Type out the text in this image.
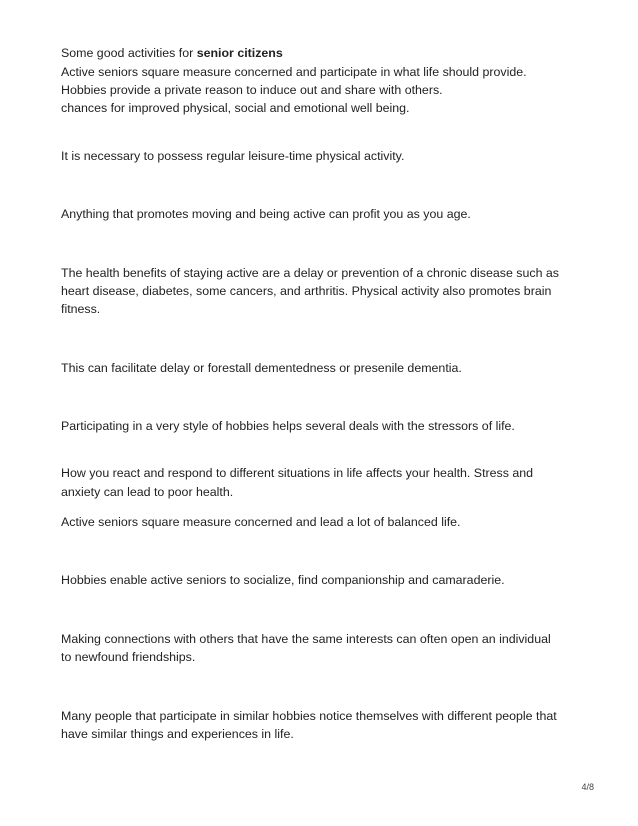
Some good activities for senior citizens

Active seniors square measure concerned and participate in what life should provide.

Hobbies provide a private reason to induce out and share with others.

chances for improved physical, social and emotional well being.

It is necessary to possess regular leisure-time physical activity.

Anything that promotes moving and being active can profit you as you age.

The health benefits of staying active are a delay or prevention of a chronic disease such as

heart disease, diabetes, some cancers, and arthritis. Physical activity also promotes brain

fitness.

This can facilitate delay or forestall dementedness or presenile dementia.

Participating in a very style of hobbies helps several deals with the stressors of life.

How you react and respond to different situations in life affects your health. Stress and

anxiety can lead to poor health.

Active seniors square measure concerned and lead a lot of balanced life.

Hobbies enable active seniors to socialize, find companionship and camaraderie.

Making connections with others that have the same interests can often open an individual

to newfound friendships.

Many people that participate in similar hobbies notice themselves with different people that

have similar things and experiences in life.

4/8
